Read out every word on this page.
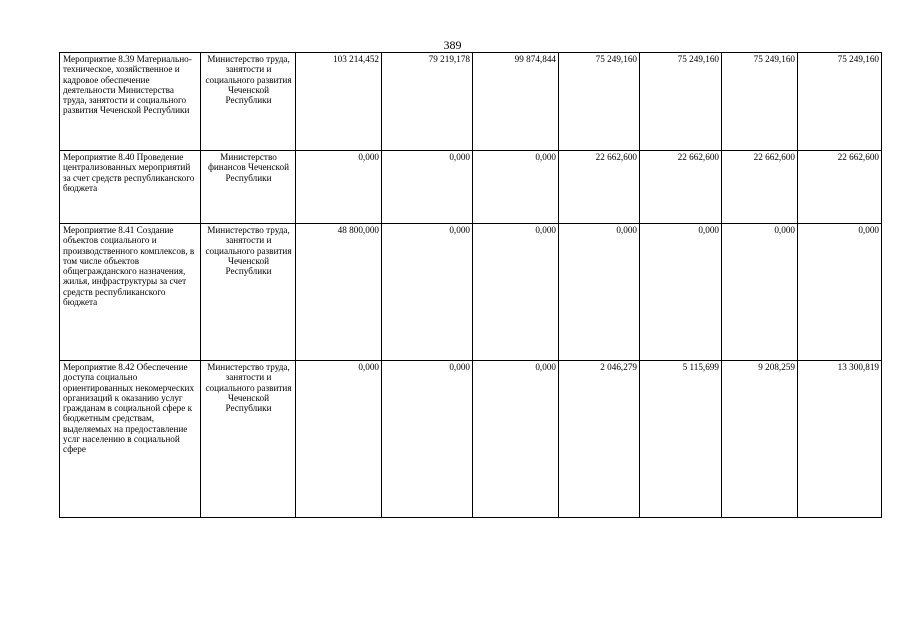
389
Мероприятие 8.39 Материально-техническое, хозяйственное и кадровое обеспечение деятельности Министерства труда, занятости и социального развития Чеченской Республики	Министерство труда, занятости и социального развития Чеченской Республики	103 214,452	79 219,178	99 874,844	75 249,160	75 249,160	75 249,160	75 249,160
Мероприятие 8.40 Проведение централизованных мероприятий за счет средств республиканского бюджета	Министерство финансов Чеченской Республики	0,000	0,000	0,000	22 662,600	22 662,600	22 662,600	22 662,600
Мероприятие 8.41 Создание объектов социального и производственного комплексов, в том числе объектов общегражданского назначения, жилья, инфраструктуры за счет средств республиканского бюджета	Министерство труда, занятости и социального развития Чеченской Республики	48 800,000	0,000	0,000	0,000	0,000	0,000	0,000
Мероприятие 8.42 Обеспечение доступа социально ориентированных некомерческих организаций к оказанию услуг гражданам в социальной сфере к бюджетным средствам, выделяемых на предоставление услг населению в социальной сфере	Министерство труда, занятости и социального развития Чеченской Республики	0,000	0,000	0,000	2 046,279	5 115,699	9 208,259	13 300,819
